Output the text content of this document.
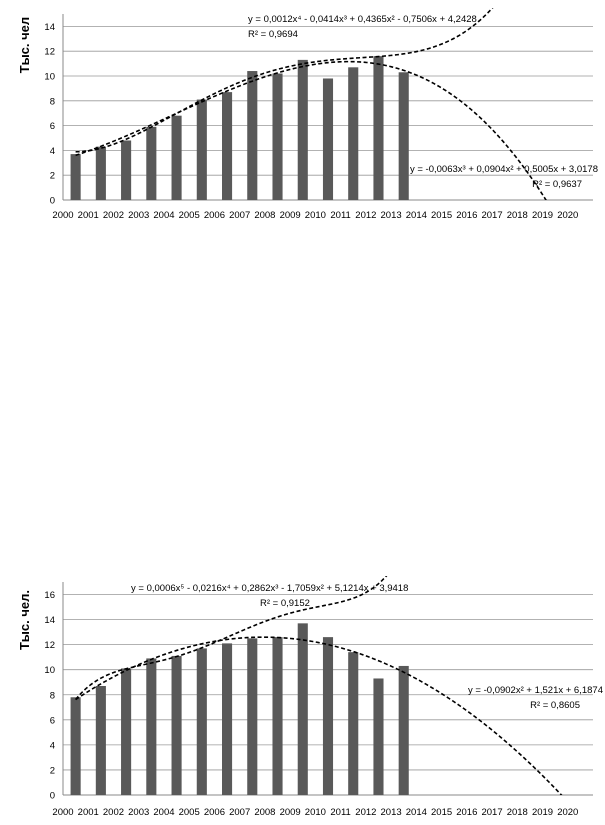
0
2
4
6
8
10
12
14
Тыс. чел
2000 2001 2002 2003 2004 2005 2006 2007 2008 2009 2010 2011 2012 2013 2014 2015 2016 2017 2018 2019 2020
y = 0,0012x⁴ - 0,0414x³ + 0,4365x² - 0,7506x + 4,2428
R² = 0,9694
y = -0,0063x³ + 0,0904x² + 0,5005x + 3,0178
R² = 0,9637
0
2
4
6
8
10
12
14
16
Тыс. чел.
2000 2001 2002 2003 2004 2005 2006 2007 2008 2009 2010 2011 2012 2013 2014 2015 2016 2017 2018 2019 2020
y = 0,0006x⁵ - 0,0216x⁴ + 0,2862x³ - 1,7059x² + 5,1214x + 3,9418
R² = 0,9152
y = -0,0902x² + 1,521x + 6,1874
R² = 0,8605
